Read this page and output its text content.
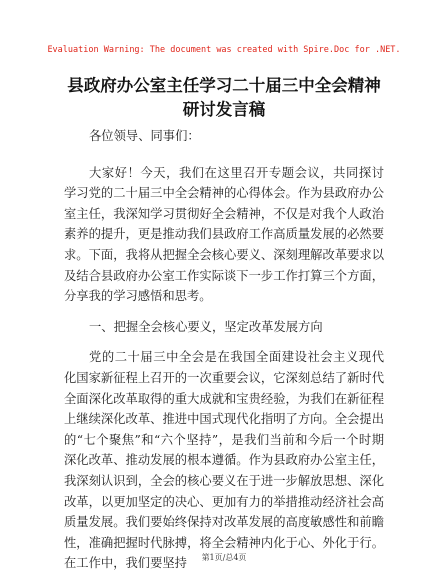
Evaluation Warning: The document was created with Spire.Doc for .NET.
县政府办公室主任学习二十届三中全会精神研讨发言稿

各位领导、同事们：

大家好！今天，我们在这里召开专题会议，共同探讨学习党的二十届三中全会精神的心得体会。作为县政府办公室主任，我深知学习贯彻好全会精神，不仅是对我个人政治素养的提升，更是推动我们县政府工作高质量发展的必然要求。下面，我将从把握全会核心要义、深刻理解改革要求以及结合县政府办公室工作实际谈下一步工作打算三个方面，分享我的学习感悟和思考。

一、把握全会核心要义，坚定改革发展方向

党的二十届三中全会是在我国全面建设社会主义现代化国家新征程上召开的一次重要会议，它深刻总结了新时代全面深化改革取得的重大成就和宝贵经验，为我们在新征程上继续深化改革、推进中国式现代化指明了方向。全会提出的“七个聚焦”和“六个坚持”，是我们当前和今后一个时期深化改革、推动发展的根本遵循。作为县政府办公室主任，我深刻认识到，全会的核心要义在于进一步解放思想、深化改革，以更加坚定的决心、更加有力的举措推动经济社会高质量发展。我们要始终保持对改革发展的高度敏感性和前瞻性，准确把握时代脉搏，将全会精神内化于心、外化于行。在工作中，我们要坚持	第1页/总4页
